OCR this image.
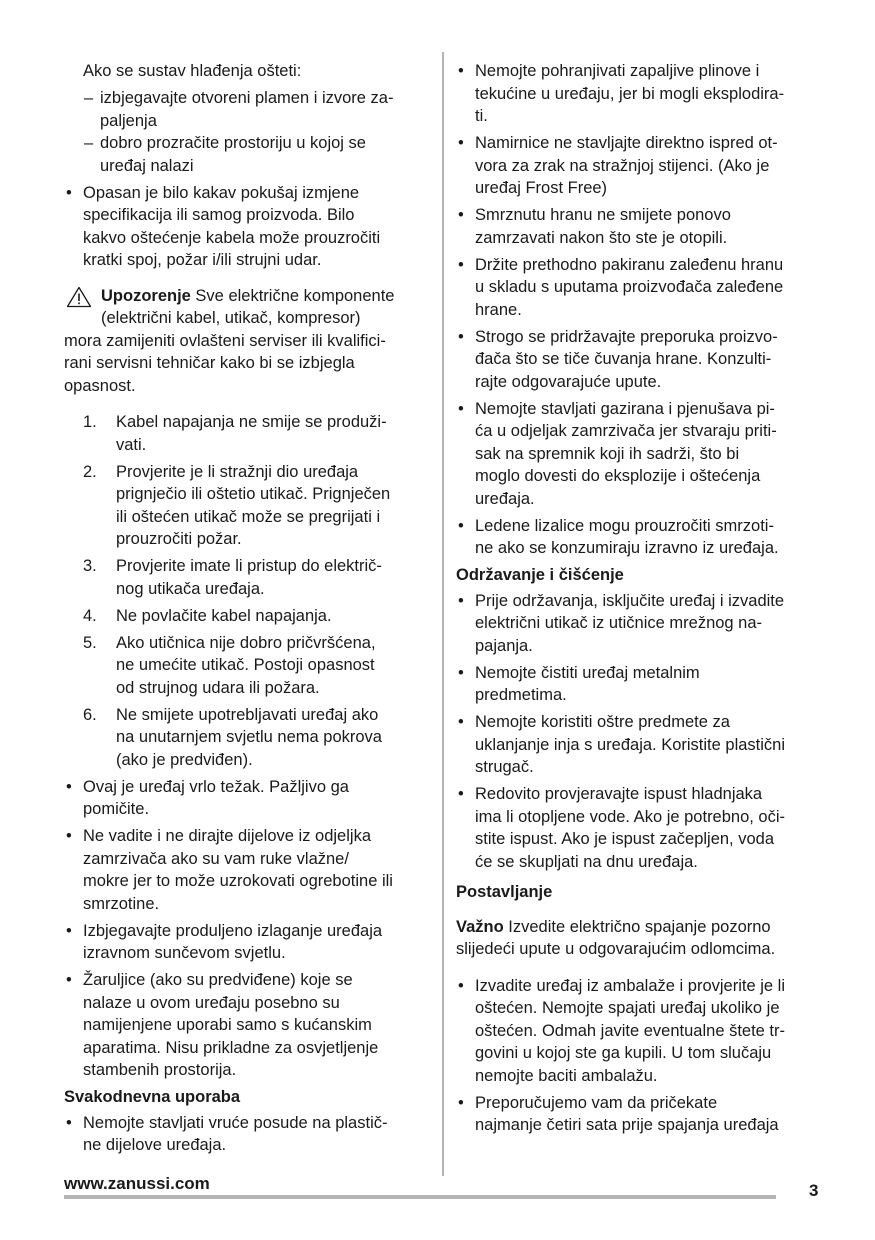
Ako se sustav hlađenja ošteti:

– izbjegavajte otvoreni plamen i izvore za-
paljenja
– dobro prozračite prostoriju u kojoj se
uređaj nalazi
• Opasan je bilo kakav pokušaj izmjene
specifikacija ili samog proizvoda. Bilo
kakvo oštećenje kabela može prouzročiti
kratki spoj, požar i/ili strujni udar.
Upozorenje Sve električne komponente
(električni kabel, utikač, kompresor)
mora zamijeniti ovlašteni serviser ili kvalifici-
rani servisni tehničar kako bi se izbjegla
opasnost.
1. Kabel napajanja ne smije se produži-
vati.
2. Provjerite je li stražnji dio uređaja
prignječio ili oštetio utikač. Prignječen
ili oštećen utikač može se pregrijati i
prouzročiti požar.
3. Provjerite imate li pristup do električ-
nog utikača uređaja.
4. Ne povlačite kabel napajanja.
5. Ako utičnica nije dobro pričvršćena,
ne umećite utikač. Postoji opasnost
od strujnog udara ili požara.
6. Ne smijete upotrebljavati uređaj ako
na unutarnjem svjetlu nema pokrova
(ako je predviđen).
• Ovaj je uređaj vrlo težak. Pažljivo ga
pomičite.
• Ne vadite i ne dirajte dijelove iz odjeljka
zamrzivača ako su vam ruke vlažne/
mokre jer to može uzrokovati ogrebotine ili
smrzotine.
• Izbjegavajte produljeno izlaganje uređaja
izravnom sunčevom svjetlu.
• Žaruljice (ako su predviđene) koje se
nalaze u ovom uređaju posebno su
namijenjene uporabi samo s kućanskim
aparatima. Nisu prikladne za osvjetljenje
stambenih prostorija.

Svakodnevna uporaba

• Nemojte stavljati vruće posude na plastič-
ne dijelove uređaja.
• Nemojte pohranjivati zapaljive plinove i
tekućine u uređaju, jer bi mogli eksplodira-
ti.
• Namirnice ne stavljajte direktno ispred ot-
vora za zrak na stražnjoj stijenci. (Ako je
uređaj Frost Free)
• Smrznutu hranu ne smijete ponovo
zamrzavati nakon što ste je otopili.
• Držite prethodno pakiranu zaleđenu hranu
u skladu s uputama proizvođača zaleđene
hrane.
• Strogo se pridržavajte preporuka proizvo-
đača što se tiče čuvanja hrane. Konzulti-
rajte odgovarajuće upute.
• Nemojte stavljati gazirana i pjenušava pi-
ća u odjeljak zamrzivača jer stvaraju priti-
sak na spremnik koji ih sadrži, što bi
moglo dovesti do eksplozije i oštećenja
uređaja.
• Ledene lizalice mogu prouzročiti smrzoti-
ne ako se konzumiraju izravno iz uređaja.

Održavanje i čišćenje

• Prije održavanja, isključite uređaj i izvadite
električni utikač iz utičnice mrežnog na-
pajanja.
• Nemojte čistiti uređaj metalnim
predmetima.
• Nemojte koristiti oštre predmete za
uklanjanje inja s uređaja. Koristite plastični
strugač.
• Redovito provjeravajte ispust hladnjaka
ima li otopljene vode. Ako je potrebno, oči-
stite ispust. Ako je ispust začepljen, voda
će se skupljati na dnu uređaja.

Postavljanje

Važno Izvedite električno spajanje pozorno
slijedeći upute u odgovarajućim odlomcima.
• Izvadite uređaj iz ambalaže i provjerite je li
oštećen. Nemojte spajati uređaj ukoliko je
oštećen. Odmah javite eventualne štete tr-
govini u kojoj ste ga kupili. U tom slučaju
nemojte baciti ambalažu.
• Preporučujemo vam da pričekate
najmanje četiri sata prije spajanja uređaja
www.zanussi.com	3
